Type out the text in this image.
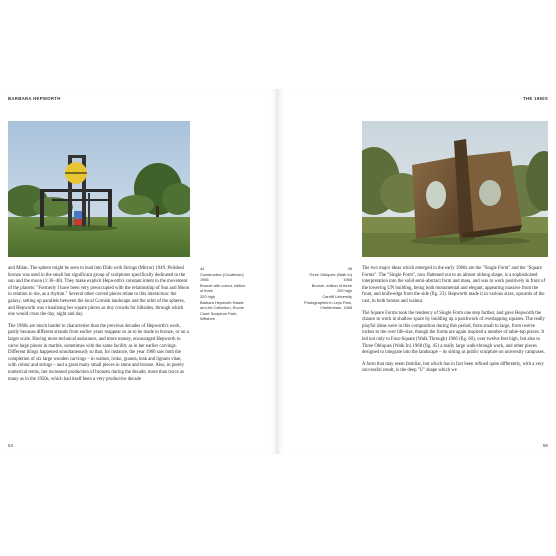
BARBARA HEPWORTH	THE 1960S

and Milan. The sphere might be seen to lead into Dido with Strings (Mirror) 1949. Polished bronze was used in the small but significant group of sculptures specifically dedicated to the sun and the moon (1:36–40). They make explicit Hepworth's constant intent in the movement of the planets: "Formerly I have been very preoccupied with the relationship of Sun and Moon in relation to me, as a rhythm." Several other carved pieces relate to this interaction: the galaxy, setting up parallels between the local Cornish landscape and the orbit of the spheres, and Hepworth was visualising her square pieces as tiny crowds for hillsides, through which one would cross the day, night and day.

The 1960s are much harder to characterise than the previous decades of Hepworth's work, partly because different strands from earlier years reappear so as to be made in bronze, or on a larger scale. Having more technical assistance, and more money, encouraged Hepworth to carve large pieces in marble, sometimes with the same facility as in her earlier carvings. Different things happened simultaneously so that, for instance, the year 1960 saw both the completion of six large wooden carvings – in walnut, iroko, guarea, teak and lignum vitae, with colour and strings – and a great many small pieces in stone and bronze. Also, in purely numerical terms, her increased production of bronzes during the decade, more than twice as many as in the 1950s, which had itself been a very productive decade

44
Construction (Crucifixion)
1966
Bronze with colour, edition
of three
320 high
Barbara Hepworth Estate
and Art Collection, Roche
Court Sculpture Park,
Wiltshire
45
Three Obliques (Walk In)
1968
Bronze, edition of three
292 high
Cardiff University
Photographed in Leys Park,
Cheltenham, 1968

The two major ideas which emerged in the early 1960s are the "Single Form" and the "Square Forms". The "Single Form", now flattened out to an almost oblong shape, is a sophisticated interpretation into the solid semi-abstract form and mass, and was to work positively in front of the towering UN building, being both monumental and elegant, appearing massive from the front, and knife-edge from the side (fig. 23). Hepworth made it in various sizes, upwards of the cast, in both bronze and walnut.

The Square Forms took the tendency of Single Form one step further, and gave Hepworth the chance to work in shallow space by building up a patchwork of overlapping squares. The really playful ideas were in this composition during this period, from small to large, from twelve inches to the over life-size, though the forms are again inspired a number of table-top pieces. It led not only to Four-Square (Walk Through) 1966 (fig. 60), over twelve feet high, but also to Three Obliques (Walk In) 1968 (fig. 45) a really large walk-through work, and other pieces designed to integrate into the landscape – its sitting as public sculpture on university campuses.

A form that may seem familiar, but which has in fact been refined quite differently, with a very successful result, is the deep "U" shape which we

54	55
